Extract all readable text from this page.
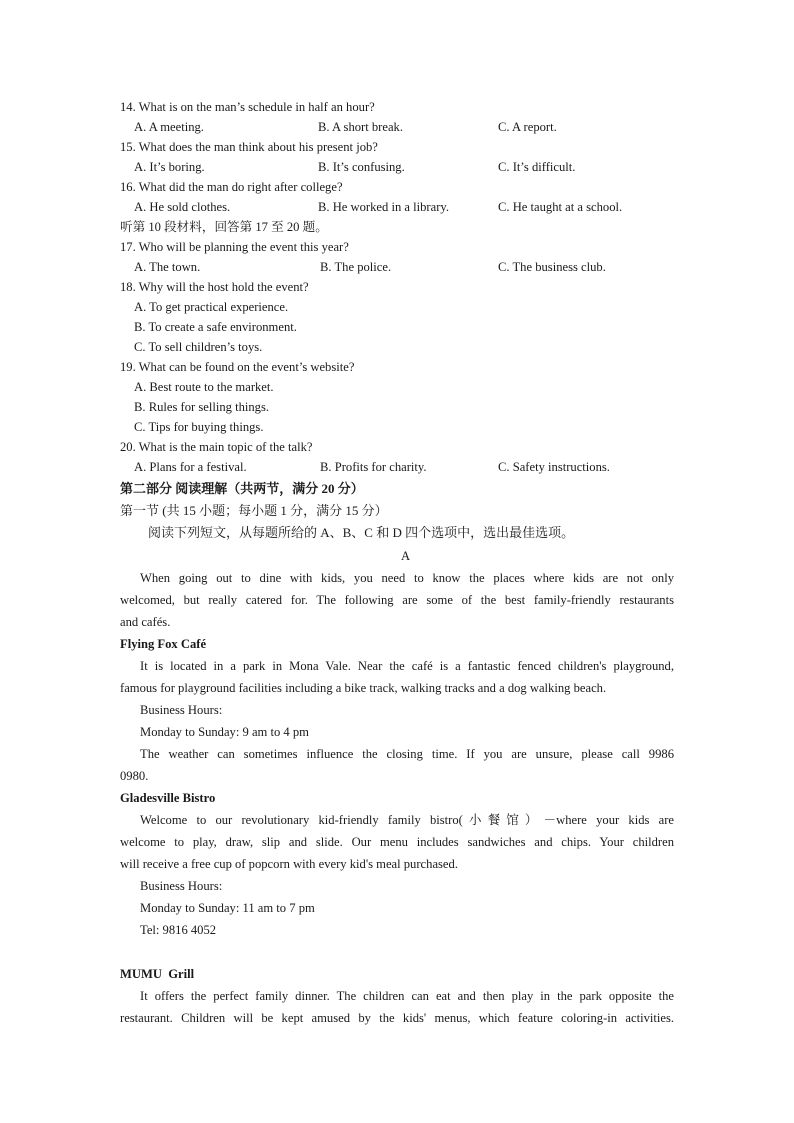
14. What is on the man’s schedule in half an hour?
A. A meeting.	B. A short break.	C. A report.
15. What does the man think about his present job?
A. It’s boring.	B. It’s confusing.	C. It’s difficult.
16. What did the man do right after college?
A. He sold clothes.	B. He worked in a library.	C. He taught at a school.
听第 10 段材料，回答第 17 至 20 题。
17. Who will be planning the event this year?
A. The town.	B. The police.	C. The business club.
18. Why will the host hold the event?
A. To get practical experience.
B. To create a safe environment.
C. To sell children’s toys.
19. What can be found on the event’s website?
A. Best route to the market.
B. Rules for selling things.
C. Tips for buying things.
20. What is the main topic of the talk?
A. Plans for a festival.	B. Profits for charity.	C. Safety instructions.
第二部分 阅读理解（共两节，满分 20 分）
第一节 (共 15 小题；每小题 1 分，满分 15 分）
阅读下列短文，从每题所给的 A、B、C 和 D 四个选项中，选出最佳选项。
A
When going out to dine with kids, you need to know the places where kids are not only
welcomed, but really catered for. The following are some of the best family-friendly restaurants
and cafés.
Flying Fox Café
It is located in a park in Mona Vale. Near the café is a fantastic fenced children's playground,
famous for playground facilities including a bike track, walking tracks and a dog walking beach.
Business Hours:
Monday to Sunday: 9 am to 4 pm
The weather can sometimes influence the closing time. If you are unsure, please call 9986
0980.
Gladesville Bistro
Welcome to our revolutionary kid-friendly family bistro(小餐馆）－where your kids are
welcome to play, draw, slip and slide. Our menu includes sandwiches and chips. Your children
will receive a free cup of popcorn with every kid's meal purchased.
Business Hours:
Monday to Sunday: 11 am to 7 pm
Tel: 9816 4052
MUMU  Grill
It offers the perfect family dinner. The children can eat and then play in the park opposite the
restaurant. Children will be kept amused by the kids' menus, which feature coloring-in activities.
